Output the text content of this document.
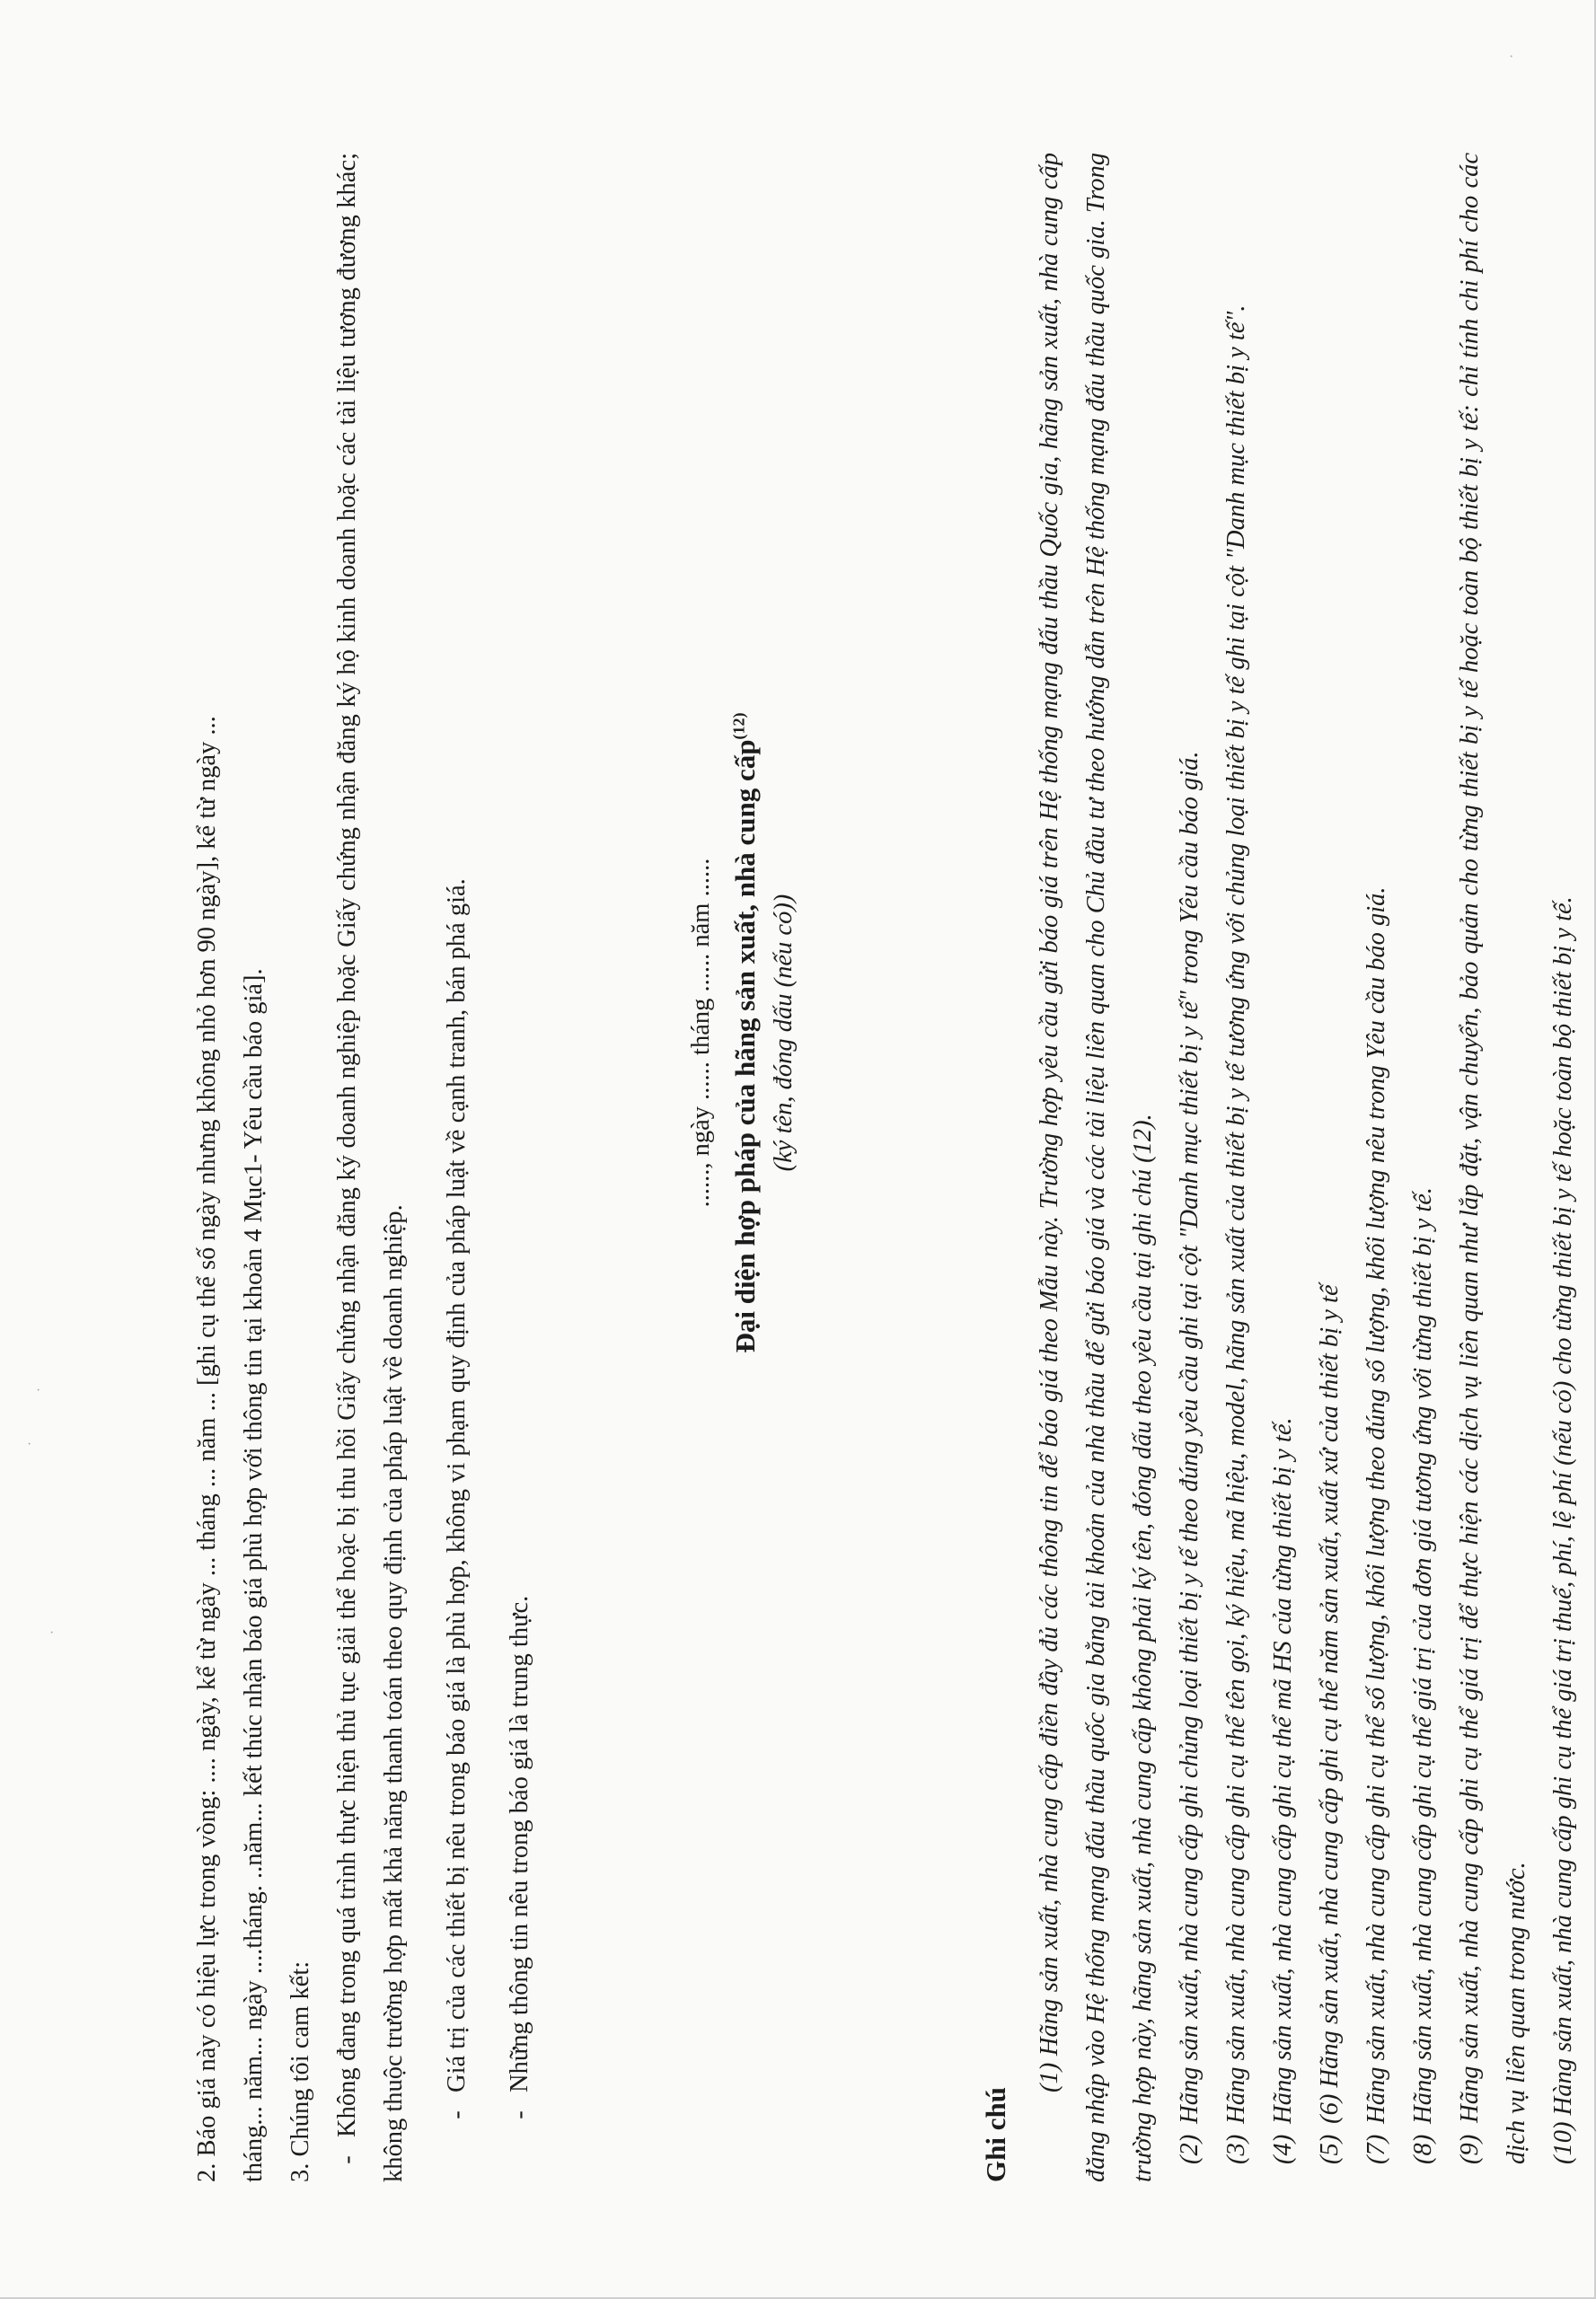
2. Báo giá này có hiệu lực trong vòng: .... ngày, kể từ ngày ... tháng ... năm ... [ghi cụ thể số ngày nhưng không nhỏ hơn 90 ngày], kể từ ngày ... tháng... năm... ngày ....tháng. ..năm... kết thúc nhận báo giá phù hợp với thông tin tại khoản 4 Mục1- Yêu cầu báo giá]. 3. Chúng tôi cam kết: -Không đang trong quá trình thực hiện thủ tục giải thể hoặc bị thu hồi Giấy chứng nhận đăng ký doanh nghiệp hoặc Giấy chứng nhận đăng ký hộ kinh doanh hoặc các tài liệu tương đương khác; không thuộc trường hợp mất khả năng thanh toán theo quy định của pháp luật về doanh nghiệp.	-Giá trị của các thiết bị nêu trong báo giá là phù hợp, không vi phạm quy định của pháp luật về cạnh tranh, bán phá giá.

-Những thông tin nêu trong báo giá là trung thực.

......, ngày ...... tháng ...... năm ...... Đại diện hợp pháp của hãng sản xuất, nhà cung cấp$^{(12)}$

(ký tên, đóng dấu (nếu có))

Ghi chú

(1) Hãng sản xuất, nhà cung cấp điền đầy đủ các thông tin để báo giá theo Mẫu này. Trường hợp yêu cầu gửi báo giá trên Hệ thống mạng đấu thầu Quốc gia, hãng sản xuất, nhà cung cấp đăng nhập vào Hệ thống mạng đấu thầu quốc gia bằng tài khoản của nhà thầu để gửi báo giá và các tài liệu liên quan cho Chủ đầu tư theo hướng dẫn trên Hệ thống mạng đấu thầu quốc gia. Trong trường hợp này, hãng sản xuất, nhà cung cấp không phải ký tên, đóng dấu theo yêu cầu tại ghi chú (12). (2) Hãng sản xuất, nhà cung cấp ghi chủng loại thiết bị y tế theo đúng yêu cầu ghi tại cột "Danh mục thiết bị y tế" trong Yêu cầu báo giá.

(3) Hãng sản xuất, nhà cung cấp ghi cụ thể tên gọi, ký hiệu, mã hiệu, model, hãng sản xuất của thiết bị y tế tương ứng với chủng loại thiết bị y tế ghi tại cột "Danh mục thiết bị y tế".

(4) Hãng sản xuất, nhà cung cấp ghi cụ thể mã HS của từng thiết bị y tế.

(5) (6) Hãng sản xuất, nhà cung cấp ghi cụ thể năm sản xuất, xuất xứ của thiết bị y tế

(7) Hãng sản xuất, nhà cung cấp ghi cụ thể số lượng, khối lượng theo đúng số lượng, khối lượng nêu trong Yêu cầu báo giá.

(8) Hãng sản xuất, nhà cung cấp ghi cụ thể giá trị của đơn giá tương ứng với từng thiết bị y tế.

(9) Hãng sản xuất, nhà cung cấp ghi cụ thể giá trị để thực hiện các dịch vụ liên quan như lắp đặt, vận chuyển, bảo quản cho từng thiết bị y tế hoặc toàn bộ thiết bị y tế: chỉ tính chi phí cho các dịch vụ liên quan trong nước. (10) Hàng sản xuất, nhà cung cấp ghi cụ thể giá trị thuế, phí, lệ phí (nếu có) cho từng thiết bị y tế hoặc toàn bộ thiết bị y tế.

·
·
·
·
